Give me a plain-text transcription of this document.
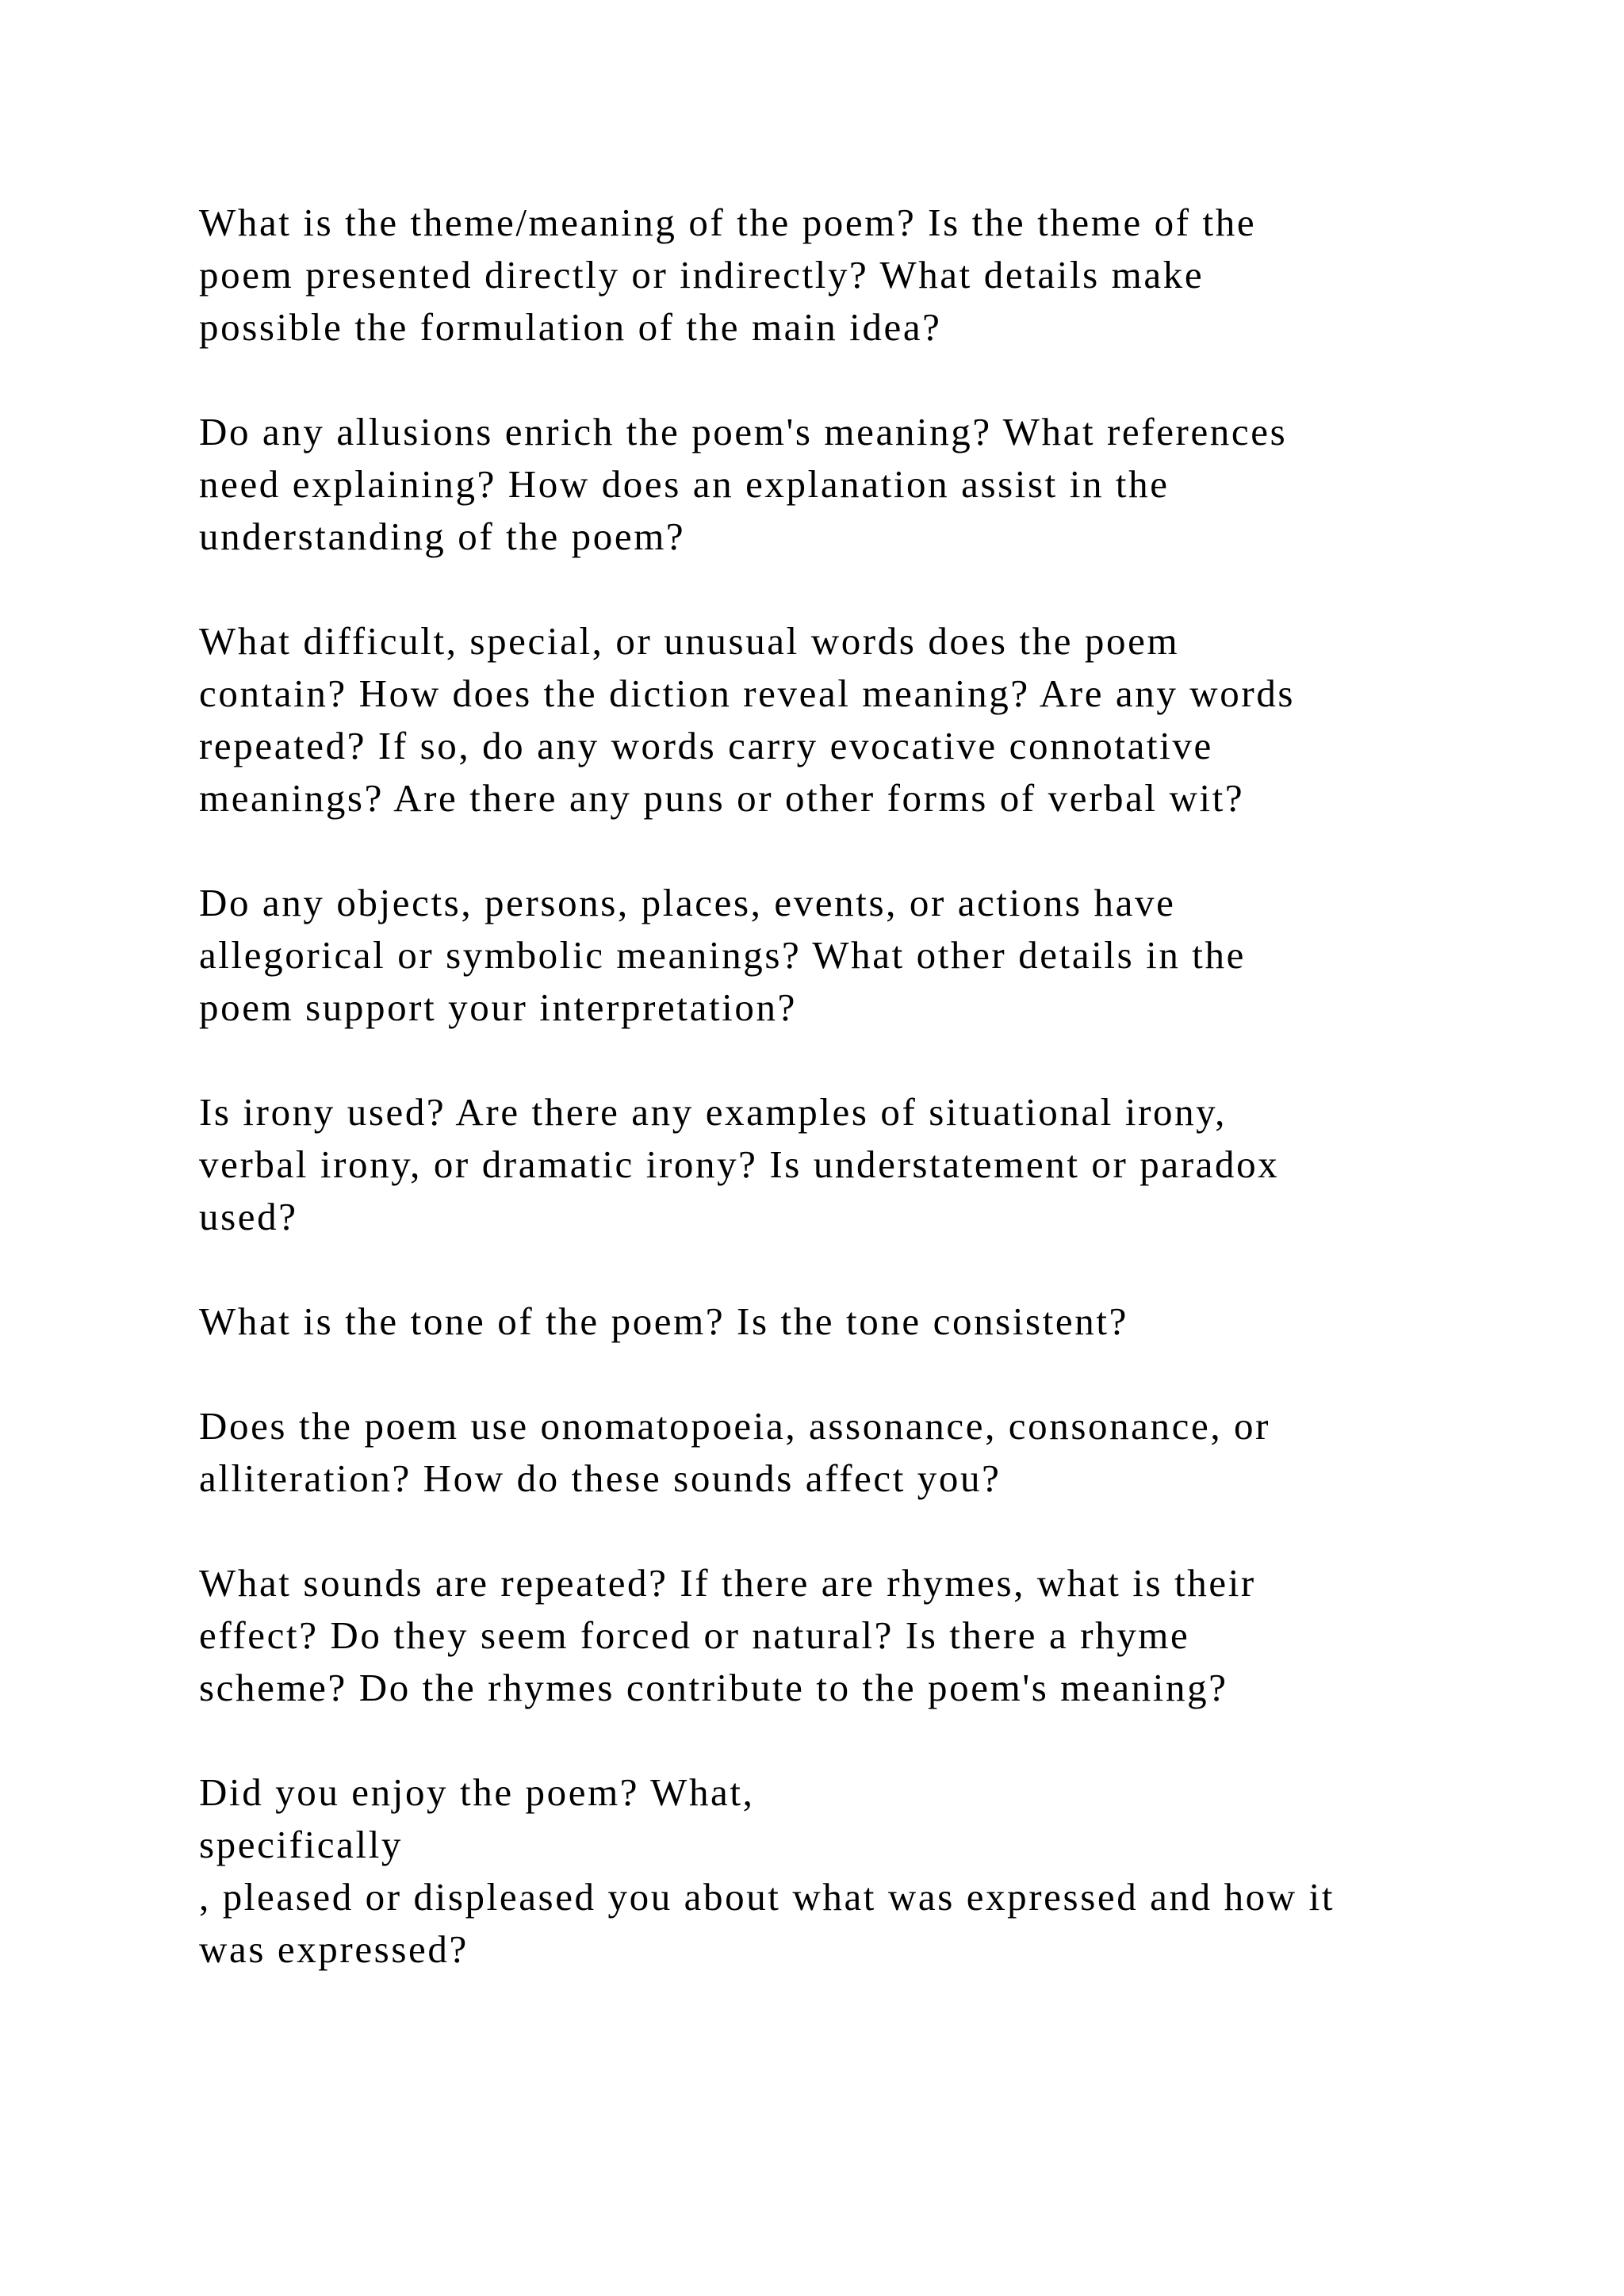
What is the theme/meaning of the poem? Is the theme of the
poem presented directly or indirectly? What details make
possible the formulation of the main idea?
Do any allusions enrich the poem's meaning? What references
need explaining? How does an explanation assist in the
understanding of the poem?
What difficult, special, or unusual words does the poem
contain? How does the diction reveal meaning? Are any words
repeated? If so, do any words carry evocative connotative
meanings? Are there any puns or other forms of verbal wit?
Do any objects, persons, places, events, or actions have
allegorical or symbolic meanings? What other details in the
poem support your interpretation?
Is irony used? Are there any examples of situational irony,
verbal irony, or dramatic irony? Is understatement or paradox
used?
What is the tone of the poem? Is the tone consistent?
Does the poem use onomatopoeia, assonance, consonance, or
alliteration? How do these sounds affect you?
What sounds are repeated? If there are rhymes, what is their
effect? Do they seem forced or natural? Is there a rhyme
scheme? Do the rhymes contribute to the poem's meaning?
Did you enjoy the poem? What,
specifically
, pleased or displeased you about what was expressed and how it
was expressed?
